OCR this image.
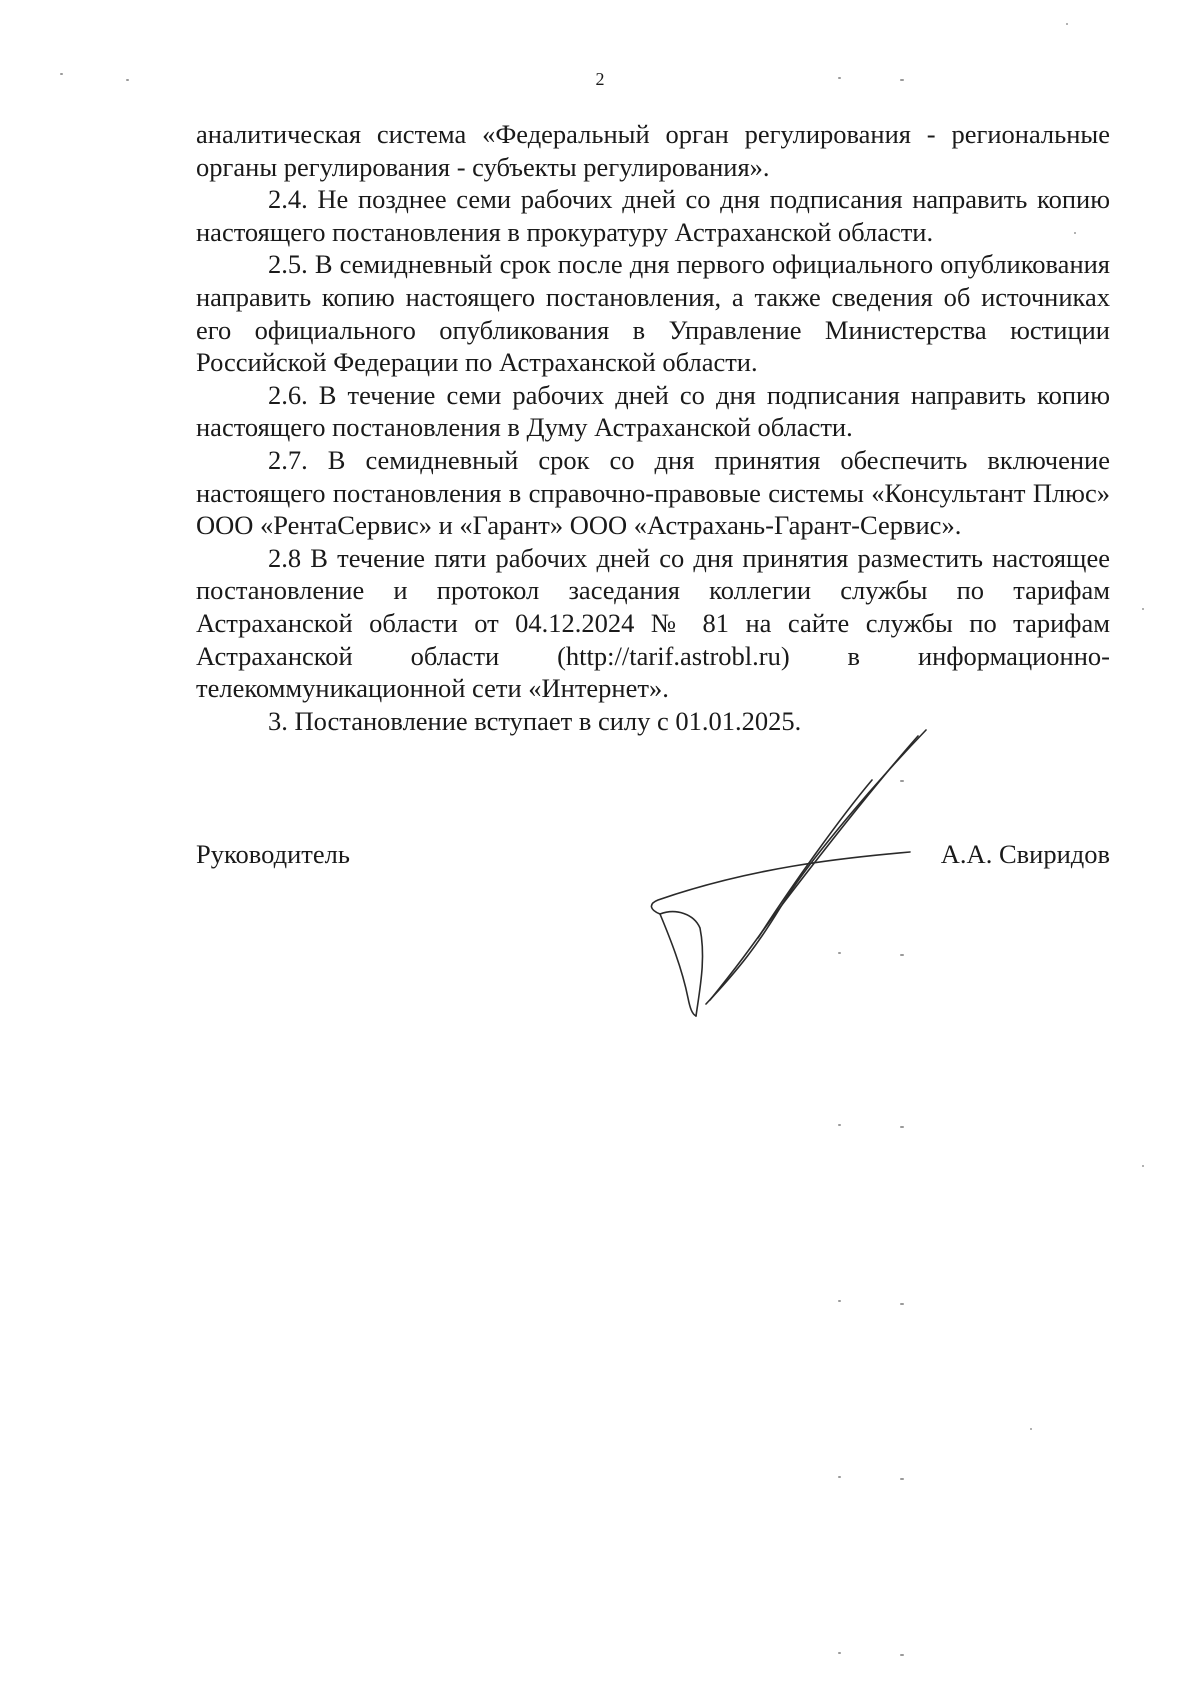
2

аналитическая система «Федеральный орган регулирования - региональные органы регулирования - субъекты регулирования».

2.4. Не позднее семи рабочих дней со дня подписания направить копию настоящего постановления в прокуратуру Астраханской области.

2.5. В семидневный срок после дня первого официального опубликования направить копию настоящего постановления, а также сведения об источниках его официального опубликования в Управление Министерства юстиции Российской Федерации по Астраханской области.

2.6. В течение семи рабочих дней со дня подписания направить копию настоящего постановления в Думу Астраханской области.

2.7. В семидневный срок со дня принятия обеспечить включение настоящего постановления в справочно-правовые системы «Консультант Плюс» ООО «РентаСервис» и «Гарант» ООО «Астрахань-Гарант-Сервис».

2.8 В течение пяти рабочих дней со дня принятия разместить настоящее постановление и протокол заседания коллегии службы по тарифам Астраханской области от 04.12.2024 № 81 на сайте службы по тарифам Астраханской области (http://tarif.astrobl.ru) в информационно-телекоммуникационной сети «Интернет».

3. Постановление вступает в силу с 01.01.2025.

Руководитель	А.А. Свиридов
